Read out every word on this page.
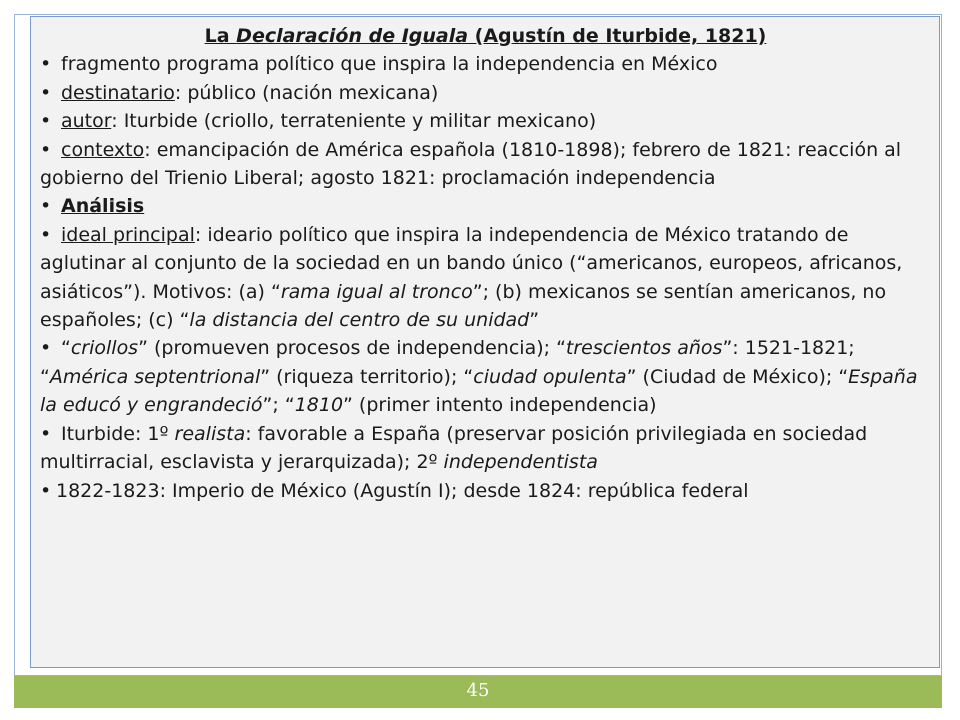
La Declaración de Iguala (Agustín de Iturbide, 1821)

• fragmento programa político que inspira la independencia en México

• destinatario: público (nación mexicana)

• autor: Iturbide (criollo, terrateniente y militar mexicano)

• contexto: emancipación de América española (1810-1898); febrero de 1821: reacción al gobierno del Trienio Liberal; agosto 1821: proclamación independencia

• Análisis

• ideal principal: ideario político que inspira la independencia de México tratando de aglutinar al conjunto de la sociedad en un bando único (“americanos, europeos, africanos, asiáticos”). Motivos: (a) “rama igual al tronco”; (b) mexicanos se sentían americanos, no españoles; (c) “la distancia del centro de su unidad”

• “criollos” (promueven procesos de independencia); “trescientos años”: 1521-1821; “América septentrional” (riqueza territorio); “ciudad opulenta” (Ciudad de México); “España la educó y engrandeció”; “1810” (primer intento independencia)

• Iturbide: 1º realista: favorable a España (preservar posición privilegiada en sociedad multirracial, esclavista y jerarquizada); 2º independentista

• 1822-1823: Imperio de México (Agustín I); desde 1824: república federal

45
